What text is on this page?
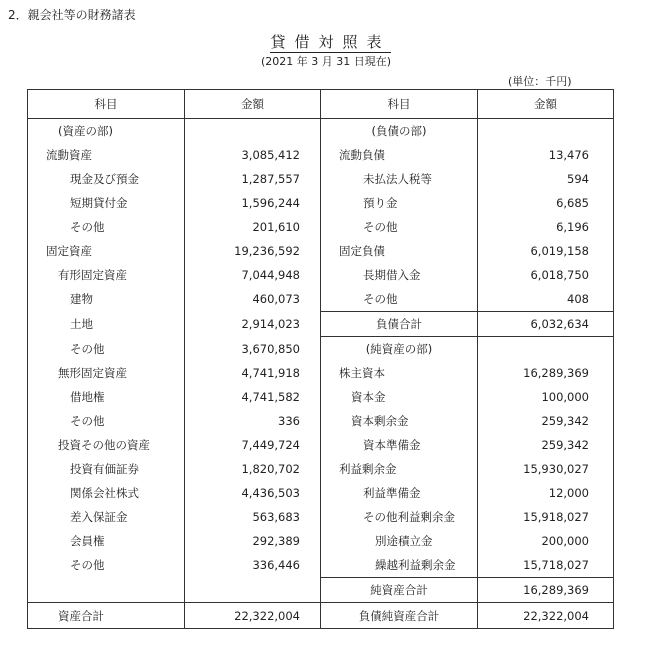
2．親会社等の財務諸表
貸借対照表
(2021 年 3 月 31 日現在)
(単位：千円)
科目	金額	科目	金額
(資産の部)		(負債の部)	
流動資産	3,085,412	流動負債	13,476
現金及び預金	1,287,557	未払法人税等	594
短期貸付金	1,596,244	預り金	6,685
その他	201,610	その他	6,196
固定資産	19,236,592	固定負債	6,019,158
有形固定資産	7,044,948	長期借入金	6,018,750
建物	460,073	その他	408
土地	2,914,023	負債合計	6,032,634
その他	3,670,850	(純資産の部)	
無形固定資産	4,741,918	株主資本	16,289,369
借地権	4,741,582	資本金	100,000
その他	336	資本剰余金	259,342
投資その他の資産	7,449,724	資本準備金	259,342
投資有価証券	1,820,702	利益剰余金	15,930,027
関係会社株式	4,436,503	利益準備金	12,000
差入保証金	563,683	その他利益剰余金	15,918,027
会員権	292,389	別途積立金	200,000
その他	336,446	繰越利益剰余金	15,718,027
		純資産合計	16,289,369
資産合計	22,322,004	負債純資産合計	22,322,004
